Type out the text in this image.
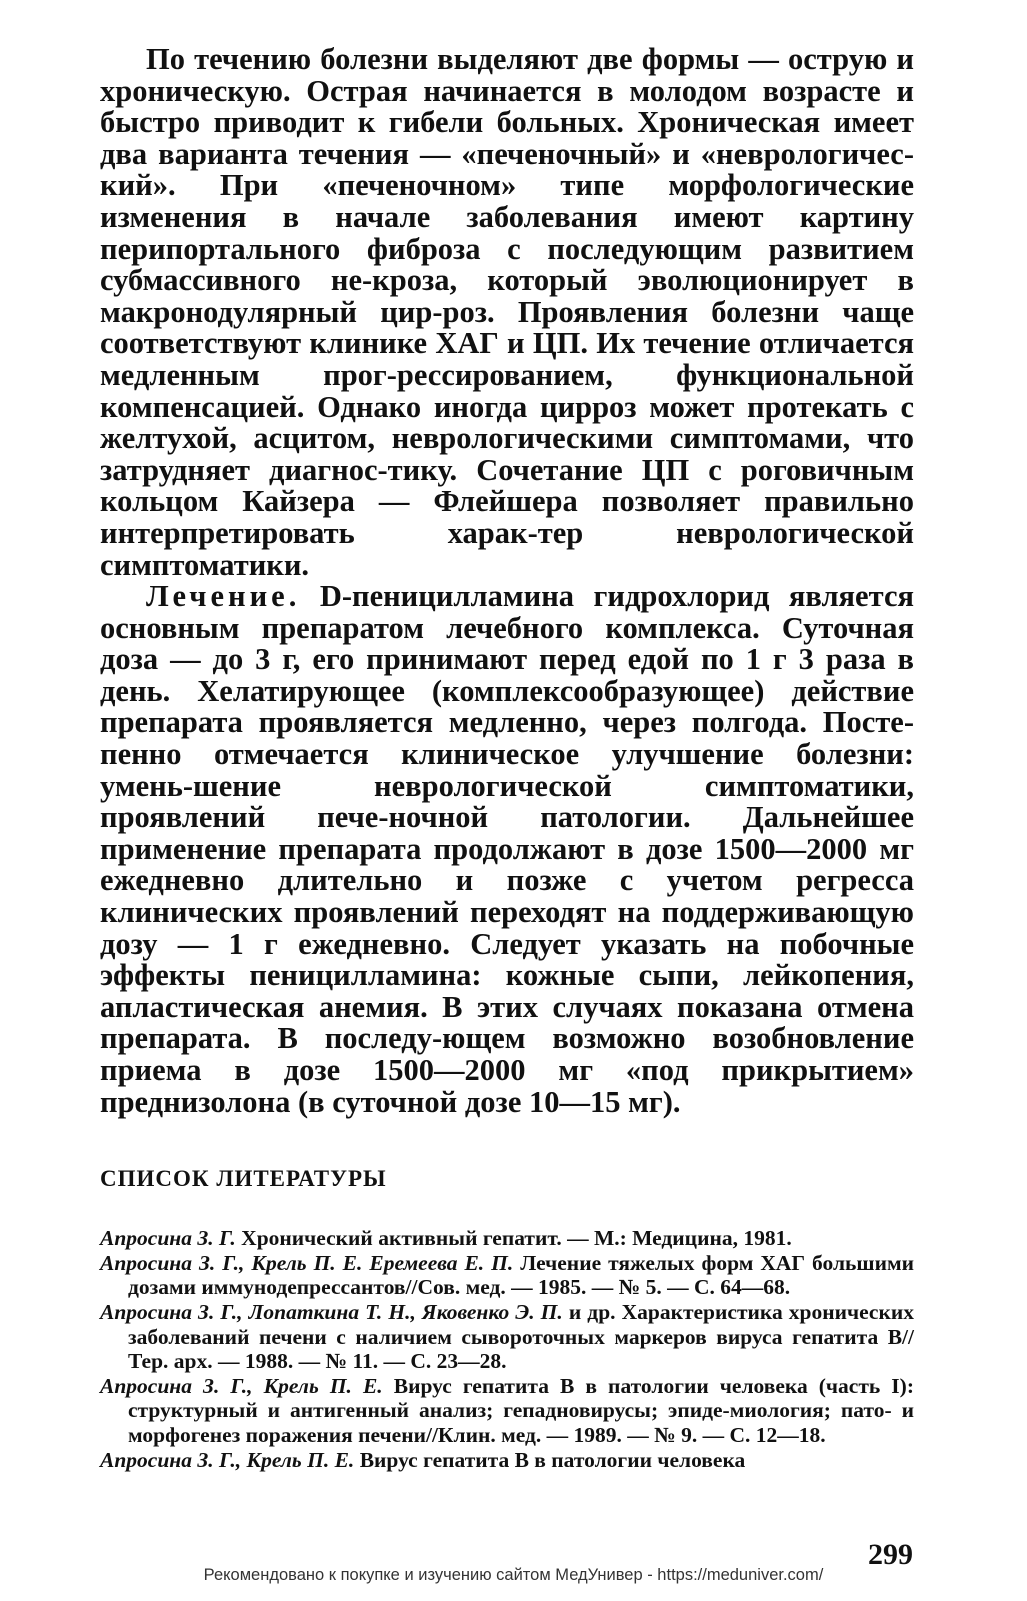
По течению болезни выделяют две формы — острую и хроническую. Острая начинается в молодом возрасте и быстро приводит к гибели больных. Хроническая имеет два варианта течения — «печеночный» и «неврологичес-кий». При «печеночном» типе морфологические изменения в начале заболевания имеют картину перипортального фиброза с последующим развитием субмассивного не-кроза, который эволюционирует в макронодулярный цир-роз. Проявления болезни чаще соответствуют клинике ХАГ и ЦП. Их течение отличается медленным прог-рессированием, функциональной компенсацией. Однако иногда цирроз может протекать с желтухой, асцитом, неврологическими симптомами, что затрудняет диагнос-тику. Сочетание ЦП с роговичным кольцом Кайзера — Флейшера позволяет правильно интерпретировать харак-тер неврологической симптоматики.

Лечение. D-пеницилламина гидрохлорид является основным препаратом лечебного комплекса. Суточная доза — до 3 г, его принимают перед едой по 1 г 3 раза в день. Хелатирующее (комплексообразующее) действие препарата проявляется медленно, через полгода. Посте-пенно отмечается клиническое улучшение болезни: умень-шение неврологической симптоматики, проявлений пече-ночной патологии. Дальнейшее применение препарата продолжают в дозе 1500—2000 мг ежедневно длительно и позже с учетом регресса клинических проявлений переходят на поддерживающую дозу — 1 г ежедневно. Следует указать на побочные эффекты пеницилламина: кожные сыпи, лейкопения, апластическая анемия. В этих случаях показана отмена препарата. В последу-ющем возможно возобновление приема в дозе 1500—2000 мг «под прикрытием» преднизолона (в суточной дозе 10—15 мг).

СПИСОК ЛИТЕРАТУРЫ
Апросина З. Г. Хронический активный гепатит. — М.: Медицина, 1981.
Апросина З. Г., Крель П. Е. Еремеева Е. П. Лечение тяжелых форм ХАГ большими дозами иммунодепрессантов//Сов. мед. — 1985. — № 5. — С. 64—68.
Апросина З. Г., Лопаткина Т. Н., Яковенко Э. П. и др. Характеристика хронических заболеваний печени с наличием сывороточных маркеров вируса гепатита В//Тер. арх. — 1988. — № 11. — С. 23—28.
Апросина З. Г., Крель П. Е. Вирус гепатита В в патологии человека (часть I): структурный и антигенный анализ; гепадновирусы; эпиде-миология; пато- и морфогенез поражения печени//Клин. мед. — 1989. — № 9. — С. 12—18.
Апросина З. Г., Крель П. Е. Вирус гепатита В в патологии человека
299
Рекомендовано к покупке и изучению сайтом МедУнивер - https://meduniver.com/
